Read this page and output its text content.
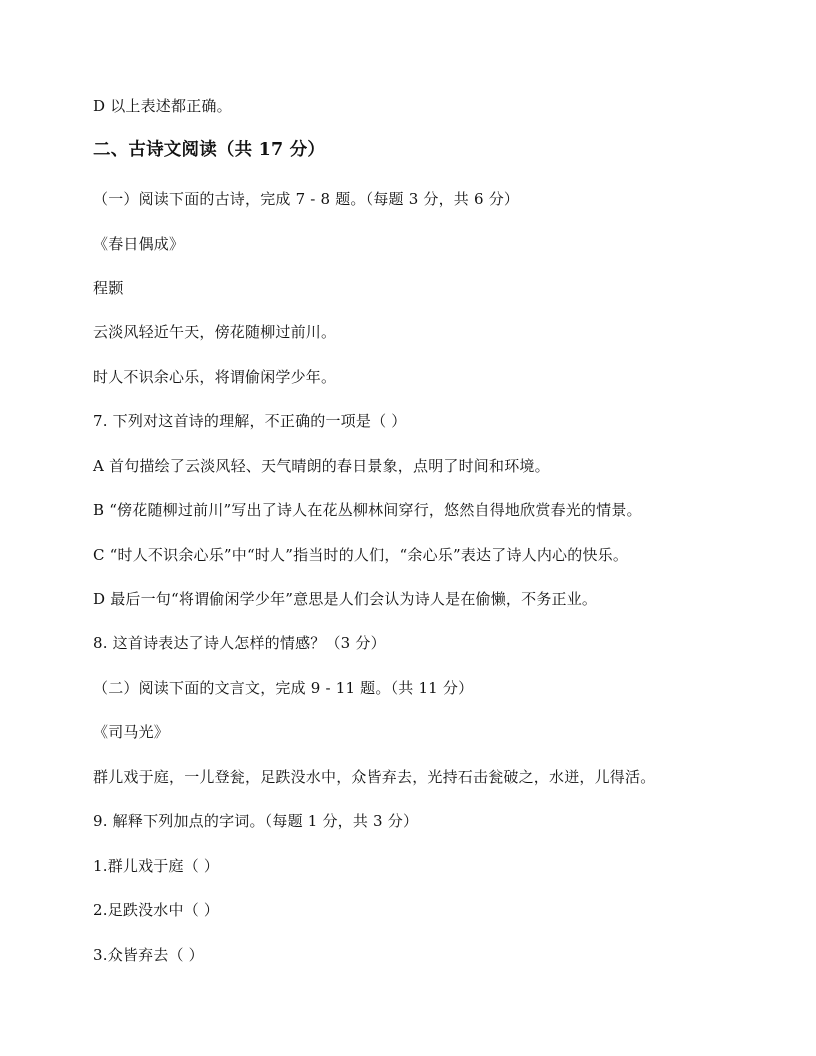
D 以上表述都正确。
二、古诗文阅读（共 17 分）
（一）阅读下面的古诗，完成 7 - 8 题。（每题 3 分，共 6 分）
《春日偶成》
程颢
云淡风轻近午天，傍花随柳过前川。
时人不识余心乐，将谓偷闲学少年。
7. 下列对这首诗的理解，不正确的一项是（ ）
A 首句描绘了云淡风轻、天气晴朗的春日景象，点明了时间和环境。
B “傍花随柳过前川”写出了诗人在花丛柳林间穿行，悠然自得地欣赏春光的情景。
C “时人不识余心乐”中“时人”指当时的人们，“余心乐”表达了诗人内心的快乐。
D 最后一句“将谓偷闲学少年”意思是人们会认为诗人是在偷懒，不务正业。
8. 这首诗表达了诗人怎样的情感？（3 分）
（二）阅读下面的文言文，完成 9 - 11 题。（共 11 分）
《司马光》
群儿戏于庭，一儿登瓮，足跌没水中，众皆弃去，光持石击瓮破之，水迸，儿得活。
9. 解释下列加点的字词。（每题 1 分，共 3 分）
1.群儿戏于庭（ ）
2.足跌没水中（ ）
3.众皆弃去（ ）
